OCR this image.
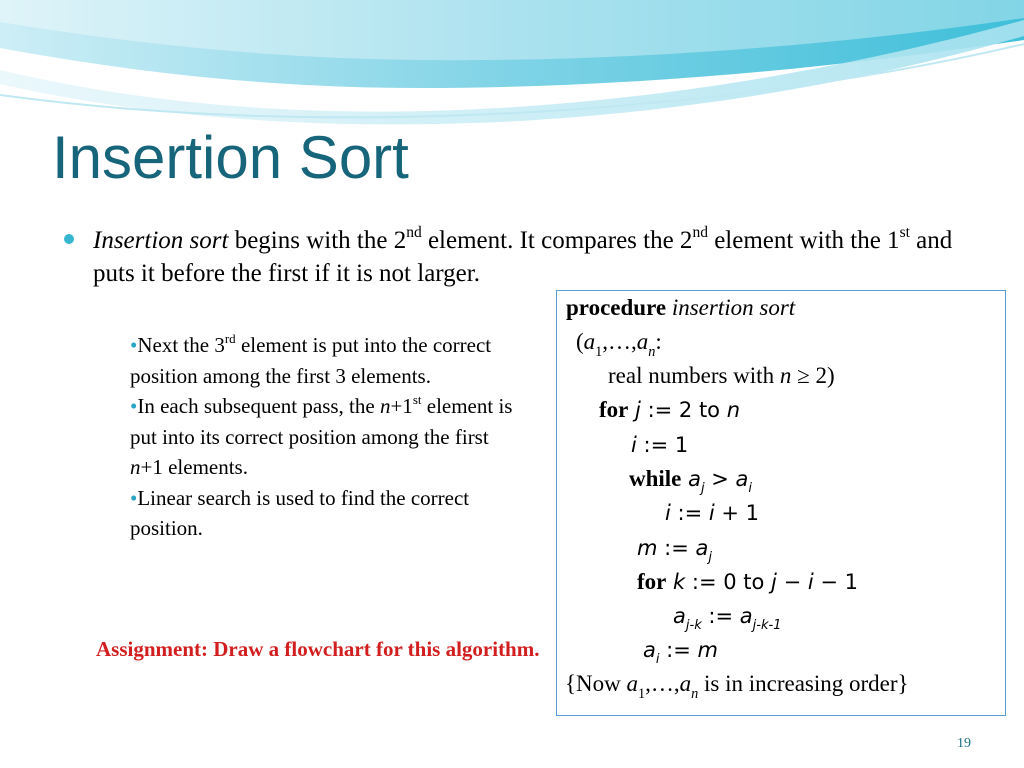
Insertion Sort
Insertion sort begins with the 2nd element. It compares the 2nd element with the 1st and puts it before the first if it is not larger.
•Next the 3rd element is put into the correct position among the first 3 elements.
•In each subsequent pass, the n+1st element is put into its correct position among the first n+1 elements.
•Linear search is used to find the correct position.
Assignment: Draw a flowchart for this algorithm.
procedure insertion sort
($a_1,\dots,a_n$:
real numbers with n ≥ 2)
for j := 2 to n
i := 1
while $a_j > a_i$
i := i + 1
m := $a_j$
for k := 0 to j − i − 1
$a_{j-k}$ := $a_{j-k-1}$
$a_i$ := m
{Now $a_1,\dots,a_n$ is in increasing order}
19
